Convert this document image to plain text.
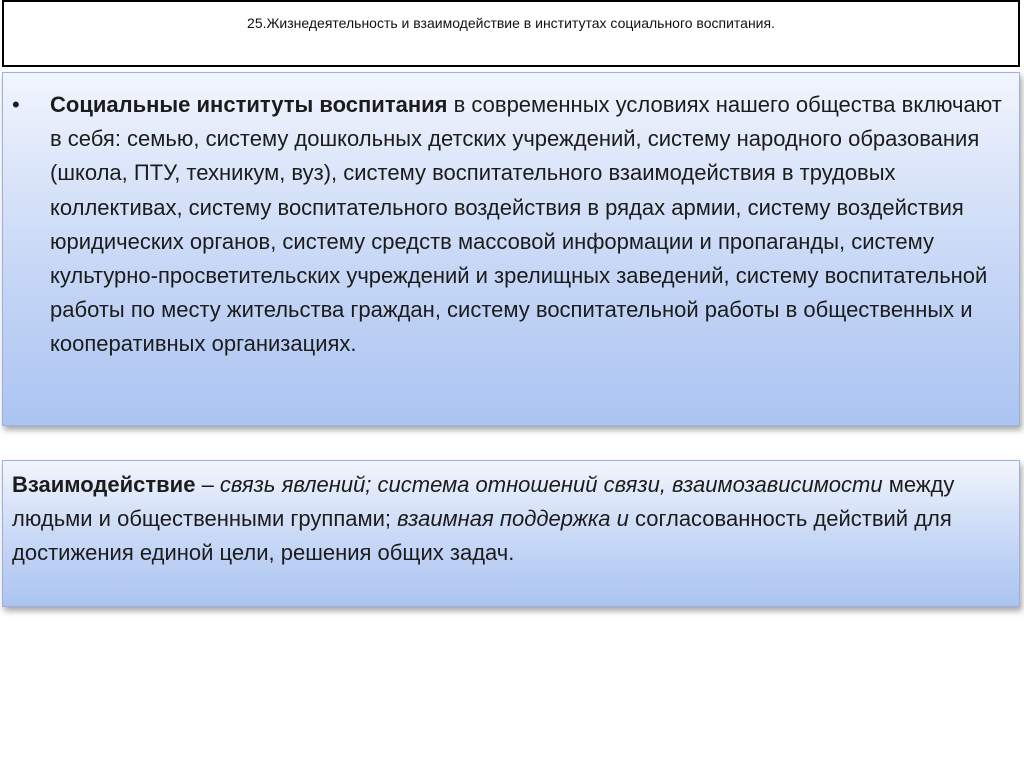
25.Жизнедеятельность и взаимодействие в институтах социального воспитания.
• Социальные институты воспитания в современных условиях нашего общества включают в себя: семью, систему дошкольных детских учреждений, систему народного образования (школа, ПТУ, техникум, вуз), систему воспитательного взаимодействия в трудовых коллективах, систему воспитательного воздействия в рядах армии, систему воздействия юридических органов, систему средств массовой информации и пропаганды, систему культурно-просветительских учреждений и зрелищных заведений, систему воспитательной работы по месту жительства граждан, систему воспитательной работы в общественных и кооперативных организациях.
Взаимодействие – связь явлений; система отношений связи, взаимозависимости между людьми и общественными группами; взаимная поддержка и согласованность действий для достижения единой цели, решения общих задач.
